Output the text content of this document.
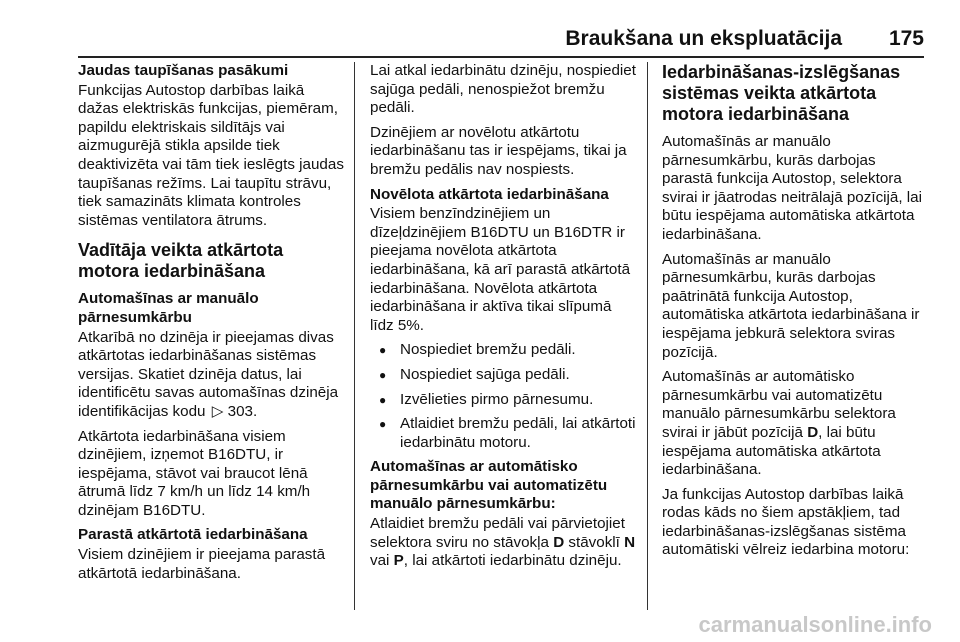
Braukšana un ekspluatācija 175

Jaudas taupīšanas pasākumi

Funkcijas Autostop darbības laikā dažas elektriskās funkcijas, piemēram, papildu elektriskais sildītājs vai aizmugurējā stikla apsilde tiek deaktivizēta vai tām tiek ieslēgts jaudas taupīšanas režīms. Lai taupītu strāvu, tiek samazināts klimata kontroles sistēmas ventilatora ātrums.

Vadītāja veikta atkārtota motora iedarbināšana

Automašīnas ar manuālo pārnesumkārbu

Atkarībā no dzinēja ir pieejamas divas atkārtotas iedarbināšanas sistēmas versijas. Skatiet dzinēja datus, lai identificētu savas automašīnas dzinēja identifikācijas kodu ▷ 303.

Atkārtota iedarbināšana visiem dzinējiem, izņemot B16DTU, ir iespējama, stāvot vai braucot lēnā ātrumā līdz 7 km/h un līdz 14 km/h dzinējam B16DTU.

Parastā atkārtotā iedarbināšana

Visiem dzinējiem ir pieejama parastā atkārtotā iedarbināšana.

Lai atkal iedarbinātu dzinēju, nospiediet sajūga pedāli, nenospiežot bremžu pedāli.

Dzinējiem ar novēlotu atkārtotu iedarbināšanu tas ir iespējams, tikai ja bremžu pedālis nav nospiests.

Novēlota atkārtota iedarbināšana

Visiem benzīndzinējiem un dīzeļdzinējiem B16DTU un B16DTR ir pieejama novēlota atkārtota iedarbināšana, kā arī parastā atkārtotā iedarbināšana. Novēlota atkārtota iedarbināšana ir aktīva tikai slīpumā līdz 5%.

● Nospiediet bremžu pedāli.
● Nospiediet sajūga pedāli.
● Izvēlieties pirmo pārnesumu.
● Atlaidiet bremžu pedāli, lai atkārtoti iedarbinātu motoru.

Automašīnas ar automātisko pārnesumkārbu vai automatizētu manuālo pārnesumkārbu:

Atlaidiet bremžu pedāli vai pārvietojiet selektora sviru no stāvokļa D stāvoklī N vai P, lai atkārtoti iedarbinātu dzinēju.

Iedarbināšanas-izslēgšanas sistēmas veikta atkārtota motora iedarbināšana

Automašīnās ar manuālo pārnesumkārbu, kurās darbojas parastā funkcija Autostop, selektora svirai ir jāatrodas neitrālajā pozīcijā, lai būtu iespējama automātiska atkārtota iedarbināšana.

Automašīnās ar manuālo pārnesumkārbu, kurās darbojas paātrinātā funkcija Autostop, automātiska atkārtota iedarbināšana ir iespējama jebkurā selektora sviras pozīcijā.

Automašīnās ar automātisko pārnesumkārbu vai automatizētu manuālo pārnesumkārbu selektora svirai ir jābūt pozīcijā D, lai būtu iespējama automātiska atkārtota iedarbināšana.

Ja funkcijas Autostop darbības laikā rodas kāds no šiem apstākļiem, tad iedarbināšanas-izslēgšanas sistēma automātiski vēlreiz iedarbina motoru:

carmanualsonline.info
